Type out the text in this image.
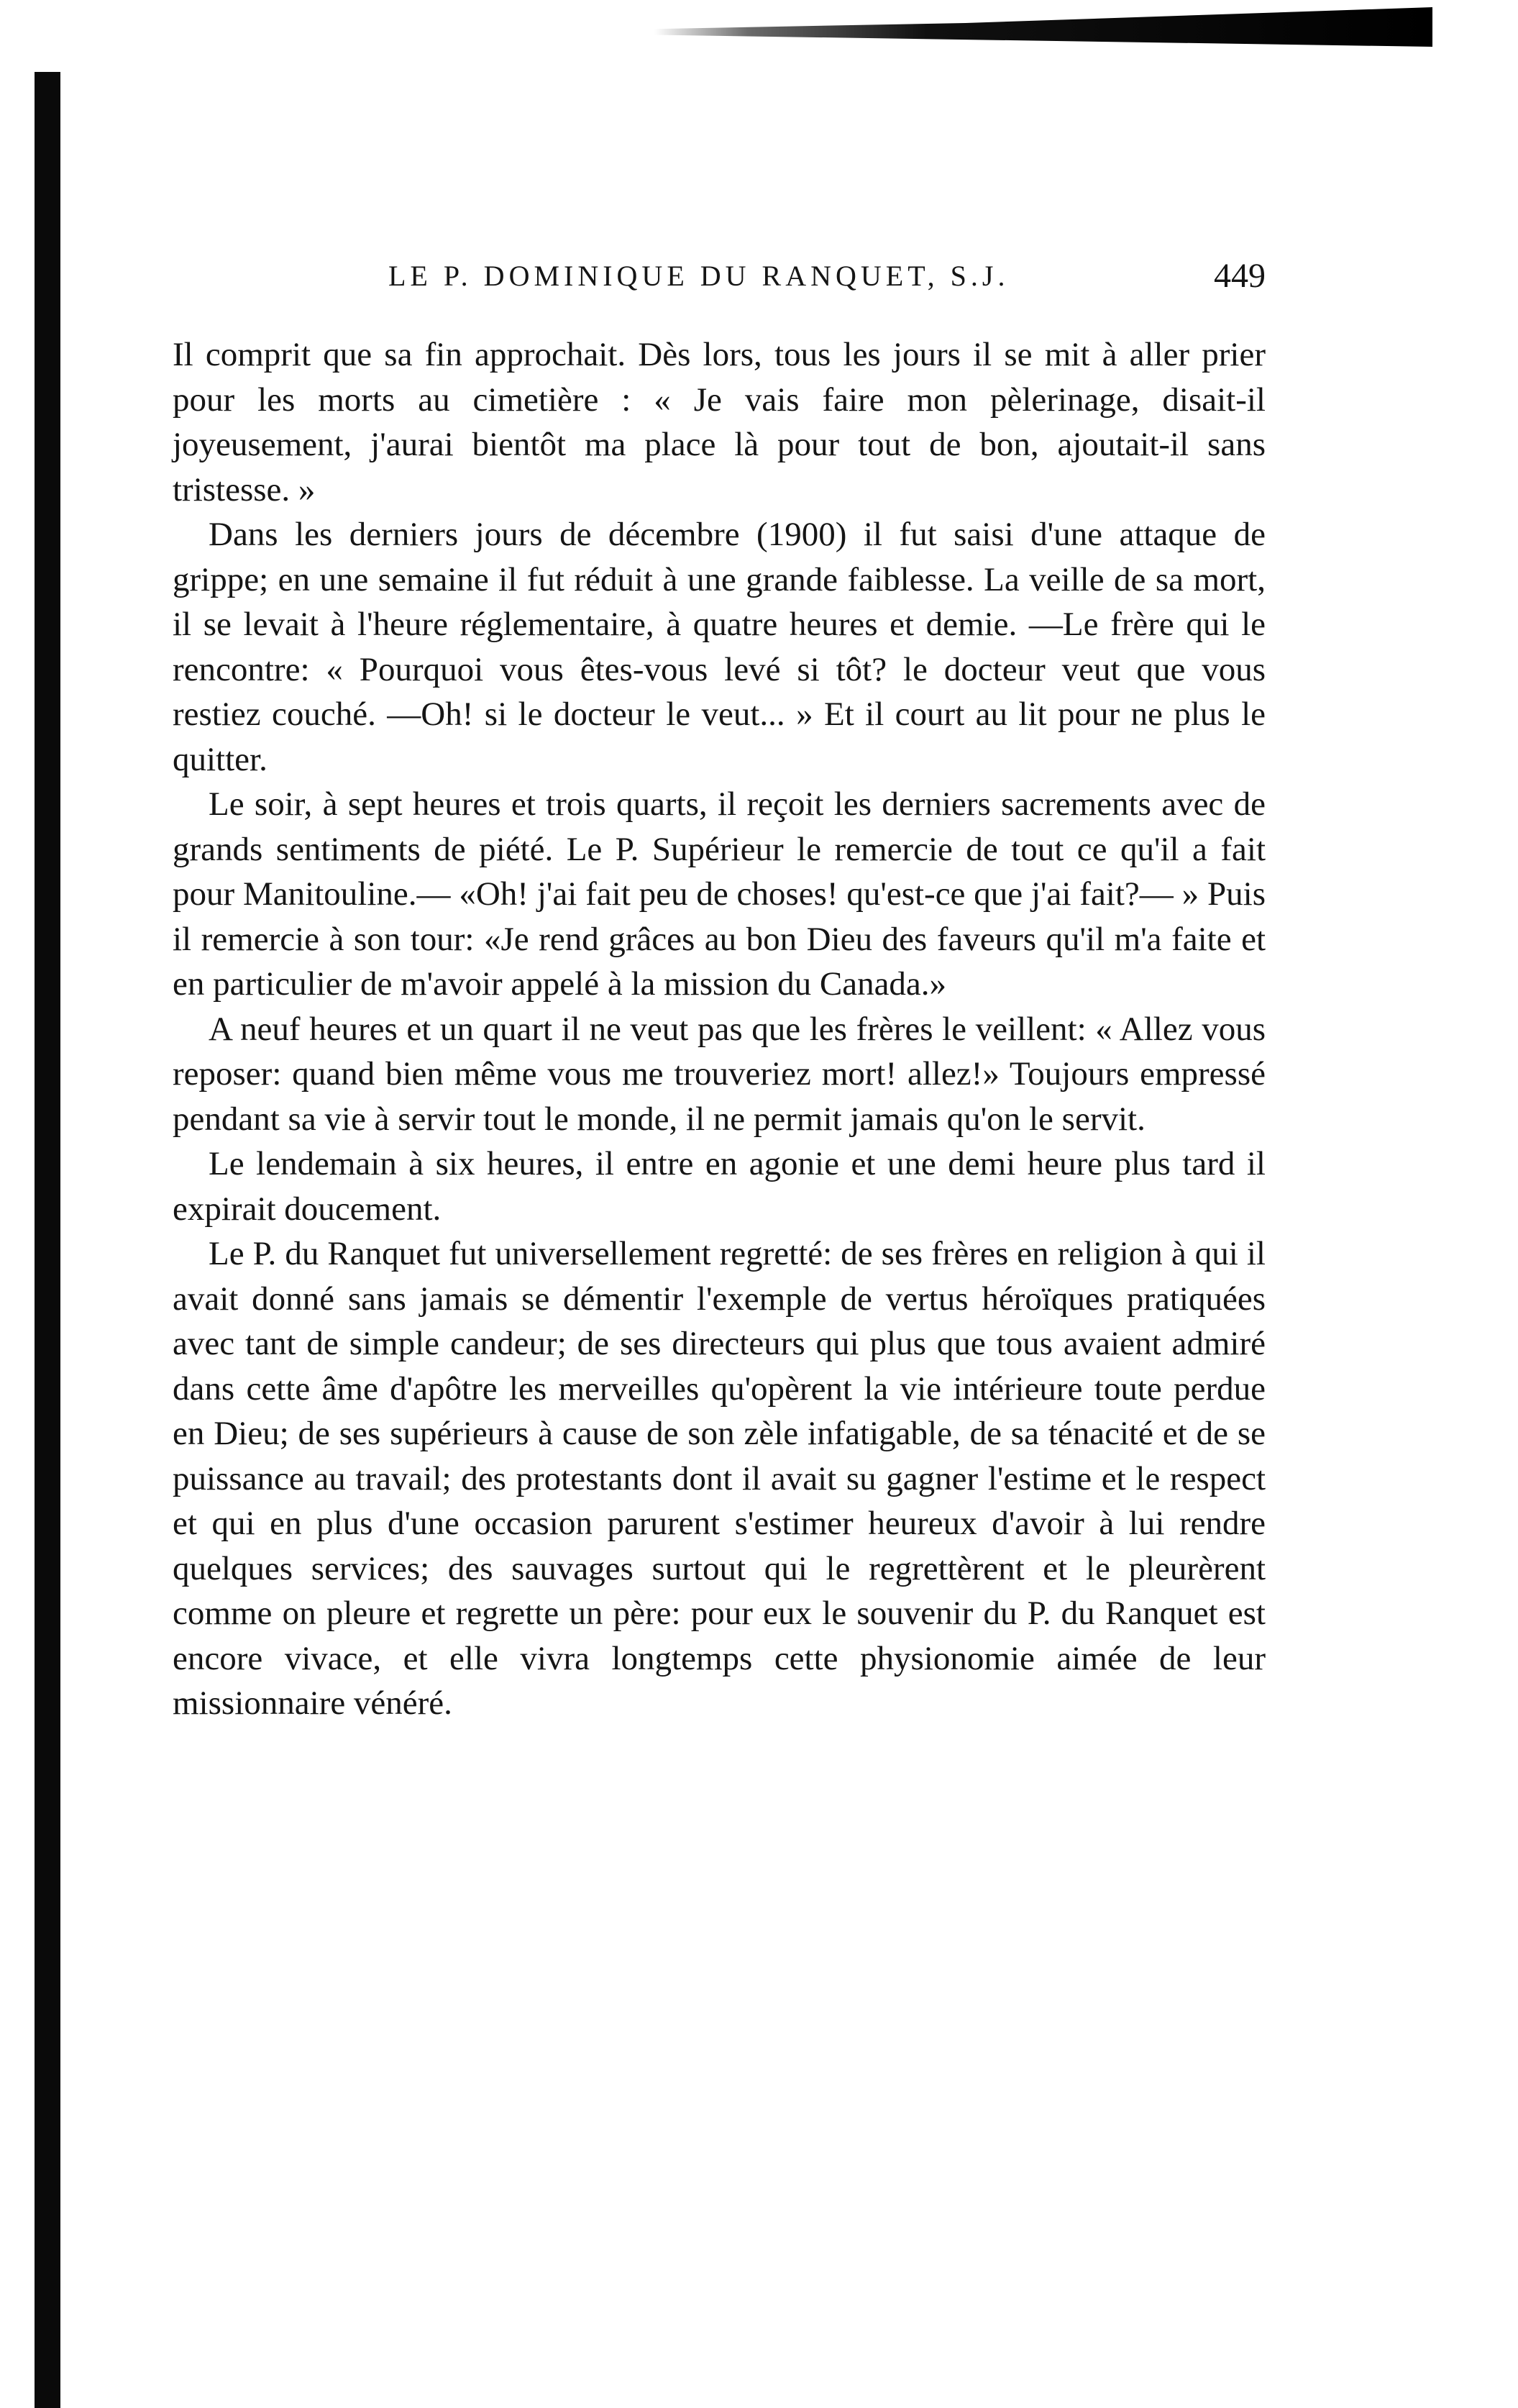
LE P. DOMINIQUE DU RANQUET, S.J.	449

Il comprit que sa fin approchait. Dès lors, tous les jours il se mit à aller prier pour les morts au cimetière : « Je vais faire mon pèlerinage, disait-il joyeusement, j'aurai bientôt ma place là pour tout de bon, ajoutait-il sans tristesse. »

Dans les derniers jours de décembre (1900) il fut saisi d'une attaque de grippe; en une semaine il fut réduit à une grande faiblesse. La veille de sa mort, il se levait à l'heure réglementaire, à quatre heures et demie. —Le frère qui le rencontre: « Pourquoi vous êtes-vous levé si tôt? le docteur veut que vous restiez couché. —Oh! si le docteur le veut... » Et il court au lit pour ne plus le quitter.

Le soir, à sept heures et trois quarts, il reçoit les derniers sacrements avec de grands sentiments de piété. Le P. Supérieur le remercie de tout ce qu'il a fait pour Manitouline.— «Oh! j'ai fait peu de choses! qu'est-ce que j'ai fait?— » Puis il remercie à son tour: «Je rend grâces au bon Dieu des faveurs qu'il m'a faite et en particulier de m'avoir appelé à la mission du Canada.»

A neuf heures et un quart il ne veut pas que les frères le veillent: « Allez vous reposer: quand bien même vous me trouveriez mort! allez!» Toujours empressé pendant sa vie à servir tout le monde, il ne permit jamais qu'on le servit.

Le lendemain à six heures, il entre en agonie et une demi heure plus tard il expirait doucement.

Le P. du Ranquet fut universellement regretté: de ses frères en religion à qui il avait donné sans jamais se démentir l'exemple de vertus héroïques pratiquées avec tant de simple candeur; de ses directeurs qui plus que tous avaient admiré dans cette âme d'apôtre les merveilles qu'opèrent la vie intérieure toute perdue en Dieu; de ses supérieurs à cause de son zèle infatigable, de sa ténacité et de se puissance au travail; des protestants dont il avait su gagner l'estime et le respect et qui en plus d'une occasion parurent s'estimer heureux d'avoir à lui rendre quelques services; des sauvages surtout qui le regrettèrent et le pleurèrent comme on pleure et regrette un père: pour eux le souvenir du P. du Ranquet est encore vivace, et elle vivra longtemps cette physionomie aimée de leur missionnaire vénéré.
